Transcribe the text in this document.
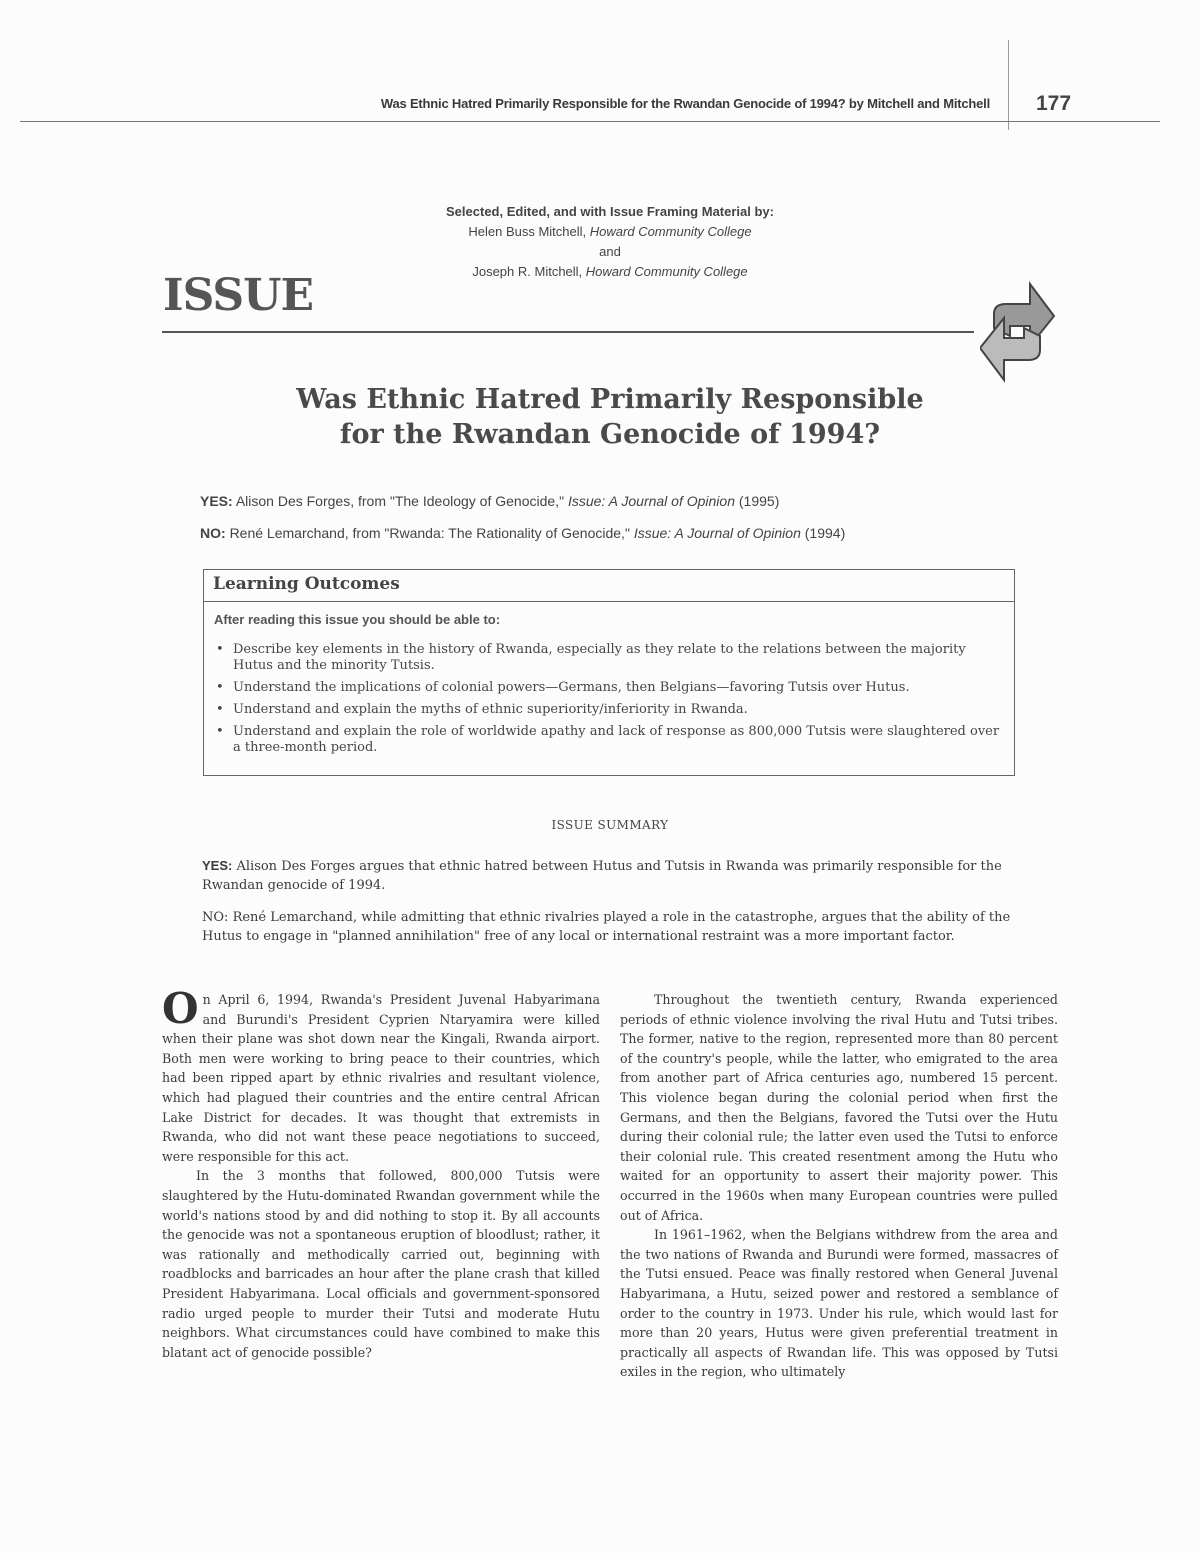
Was Ethnic Hatred Primarily Responsible for the Rwandan Genocide of 1994? by Mitchell and Mitchell 177
Selected, Edited, and with Issue Framing Material by:
Helen Buss Mitchell, Howard Community College
and
Joseph R. Mitchell, Howard Community College
ISSUE
Was Ethnic Hatred Primarily Responsible
for the Rwandan Genocide of 1994?
YES: Alison Des Forges, from "The Ideology of Genocide," Issue: A Journal of Opinion (1995)
NO: René Lemarchand, from "Rwanda: The Rationality of Genocide," Issue: A Journal of Opinion (1994)
Learning Outcomes
After reading this issue you should be able to:
• Describe key elements in the history of Rwanda, especially as they relate to the relations between the majority Hutus and the minority Tutsis.
• Understand the implications of colonial powers—Germans, then Belgians—favoring Tutsis over Hutus.
• Understand and explain the myths of ethnic superiority/inferiority in Rwanda.
• Understand and explain the role of worldwide apathy and lack of response as 800,000 Tutsis were slaughtered over a three-month period.
ISSUE SUMMARY

YES: Alison Des Forges argues that ethnic hatred between Hutus and Tutsis in Rwanda was primarily responsible for the Rwandan genocide of 1994.

NO: René Lemarchand, while admitting that ethnic rivalries played a role in the catastrophe, argues that the ability of the Hutus to engage in "planned annihilation" free of any local or international restraint was a more important factor.

On April 6, 1994, Rwanda's President Juvenal Habyarimana and Burundi's President Cyprien Ntaryamira were killed when their plane was shot down near the Kingali, Rwanda airport. Both men were working to bring peace to their countries, which had been ripped apart by ethnic rivalries and resultant violence, which had plagued their countries and the entire central African Lake District for decades. It was thought that extremists in Rwanda, who did not want these peace negotiations to succeed, were responsible for this act.

In the 3 months that followed, 800,000 Tutsis were slaughtered by the Hutu-dominated Rwandan government while the world's nations stood by and did nothing to stop it. By all accounts the genocide was not a spontaneous eruption of bloodlust; rather, it was rationally and methodically carried out, beginning with roadblocks and barricades an hour after the plane crash that killed President Habyarimana. Local officials and government-sponsored radio urged people to murder their Tutsi and moderate Hutu neighbors. What circumstances could have combined to make this blatant act of genocide possible?

Throughout the twentieth century, Rwanda experienced periods of ethnic violence involving the rival Hutu and Tutsi tribes. The former, native to the region, represented more than 80 percent of the country's people, while the latter, who emigrated to the area from another part of Africa centuries ago, numbered 15 percent. This violence began during the colonial period when first the Germans, and then the Belgians, favored the Tutsi over the Hutu during their colonial rule; the latter even used the Tutsi to enforce their colonial rule. This created resentment among the Hutu who waited for an opportunity to assert their majority power. This occurred in the 1960s when many European countries were pulled out of Africa.

In 1961–1962, when the Belgians withdrew from the area and the two nations of Rwanda and Burundi were formed, massacres of the Tutsi ensued. Peace was finally restored when General Juvenal Habyarimana, a Hutu, seized power and restored a semblance of order to the country in 1973. Under his rule, which would last for more than 20 years, Hutus were given preferential treatment in practically all aspects of Rwandan life. This was opposed by Tutsi exiles in the region, who ultimately
